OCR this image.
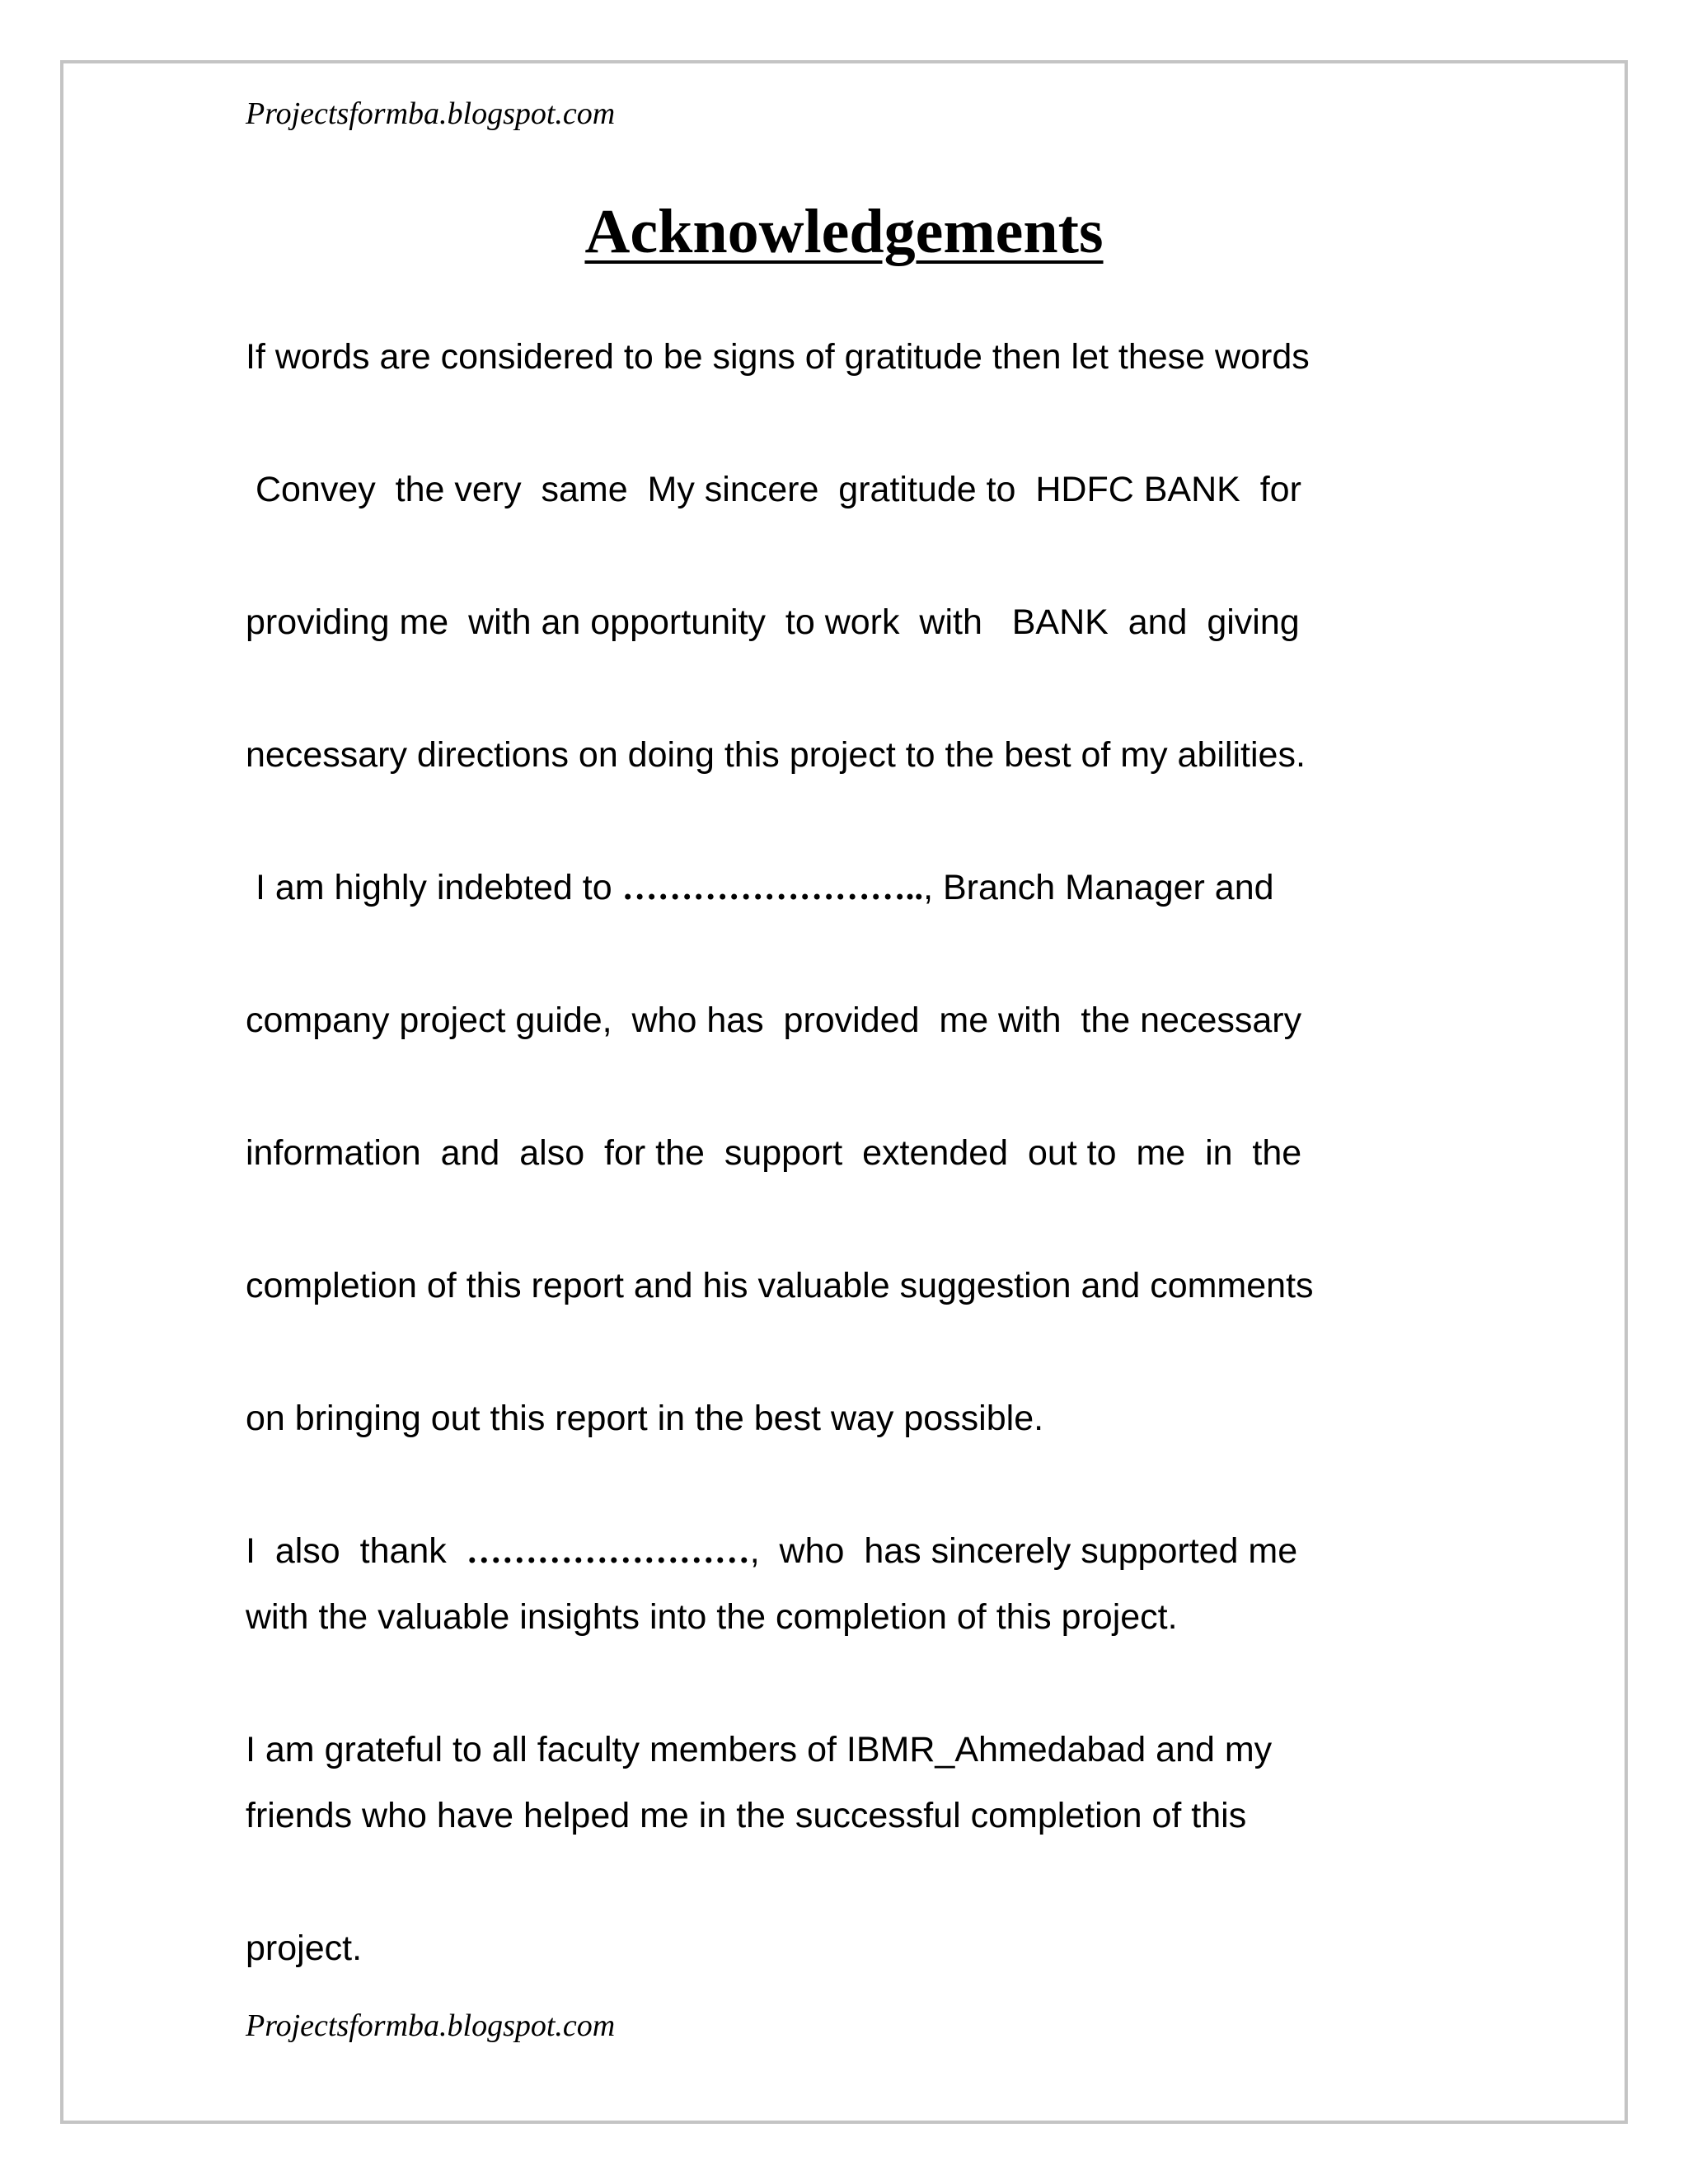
Projectsformba.blogspot.com
Acknowledgements
If words are considered to be signs of gratitude then let these words
Convey  the very  same  My sincere  gratitude to  HDFC BANK  for
providing me  with an opportunity  to work  with   BANK  and  giving
necessary directions on doing this project to the best of my abilities.
I am highly indebted to …………………….., Branch Manager and
company project guide,  who has  provided  me with  the necessary
information  and  also  for the  support  extended  out to  me  in  the
completion of this report and his valuable suggestion and comments
on bringing out this report in the best way possible.
I  also  thank  ……………………,  who  has sincerely supported me
with the valuable insights into the completion of this project.
I am grateful to all faculty members of IBMR_Ahmedabad and my
friends who have helped me in the successful completion of this
project.
Projectsformba.blogspot.com
